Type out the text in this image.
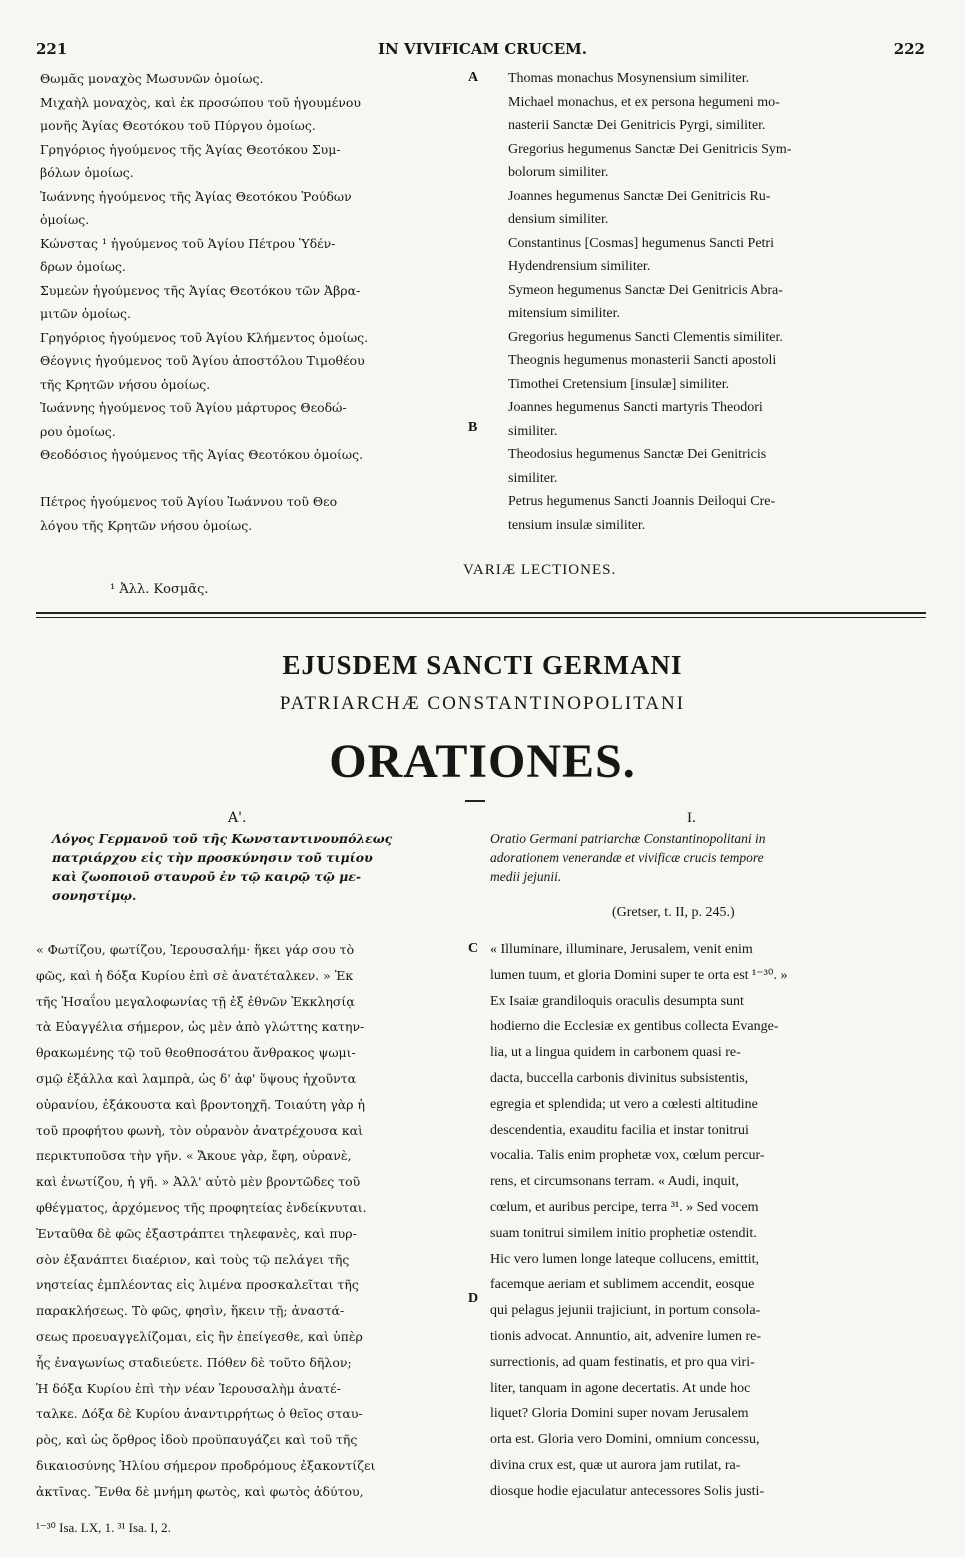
221	IN VIVIFICAM CRUCEM.	222
A
B
C
D
Θωμᾶς μοναχὸς Μωσυνῶν ὁμοίως.
Μιχαὴλ μοναχὸς, καὶ ἐκ προσώπου τοῦ ἡγουμένου
μονῆς Ἁγίας Θεοτόκου τοῦ Πύργου ὁμοίως.
Γρηγόριος ἡγούμενος τῆς Ἁγίας Θεοτόκου Συμ-
βόλων ὁμοίως.
Ἰωάννης ἡγούμενος τῆς Ἁγίας Θεοτόκου Ῥούδων
ὁμοίως.
Κώνστας ¹ ἡγούμενος τοῦ Ἁγίου Πέτρου Ὑδέν-
δρων ὁμοίως.
Συμεὼν ἡγούμενος τῆς Ἁγίας Θεοτόκου τῶν Ἀβρα-
μιτῶν ὁμοίως.
Γρηγόριος ἡγούμενος τοῦ Ἁγίου Κλήμεντος ὁμοίως.
Θέογνις ἡγούμενος τοῦ Ἁγίου ἀποστόλου Τιμοθέου
τῆς Κρητῶν νήσου ὁμοίως.
Ἰωάννης ἡγούμενος τοῦ Ἁγίου μάρτυρος Θεοδώ-
ρου ὁμοίως.
Θεοδόσιος ἡγούμενος τῆς Ἁγίας Θεοτόκου ὁμοίως.
Πέτρος ἡγούμενος τοῦ Ἁγίου Ἰωάννου τοῦ Θεο
λόγου τῆς Κρητῶν νήσου ὁμοίως.
Thomas monachus Mosynensium similiter.
Michael monachus, et ex persona hegumeni mo-
nasterii Sanctæ Dei Genitricis Pyrgi, similiter.
Gregorius hegumenus Sanctæ Dei Genitricis Sym-
bolorum similiter.
Joannes hegumenus Sanctæ Dei Genitricis Ru-
densium similiter.
Constantinus [Cosmas] hegumenus Sancti Petri
Hydendrensium similiter.
Symeon hegumenus Sanctæ Dei Genitricis Abra-
mitensium similiter.
Gregorius hegumenus Sancti Clementis similiter.
Theognis hegumenus monasterii Sancti apostoli
Timothei Cretensium [insulæ] similiter.
Joannes hegumenus Sancti martyris Theodori
similiter.
Theodosius hegumenus Sanctæ Dei Genitricis
similiter.
Petrus hegumenus Sancti Joannis Deiloqui Cre-
tensium insulæ similiter.
VARIÆ LECTIONES.
¹ Ἀλλ. Κοσμᾶς.
EJUSDEM SANCTI GERMANI
PATRIARCHÆ CONSTANTINOPOLITANI
ORATIONES.
Α'.	I.
Λόγος Γερμανοῦ τοῦ τῆς Κωνσταντινουπόλεως
πατριάρχου εἰς τὴν προσκύνησιν τοῦ τιμίου
καὶ ζωοποιοῦ σταυροῦ ἐν τῷ καιρῷ τῷ με-
σονηστίμῳ.
Oratio Germani patriarchæ Constantinopolitani in
adorationem venerandæ et vivificæ crucis tempore
medii jejunii.
(Gretser, t. II, p. 245.)
« Φωτίζου, φωτίζου, Ἱερουσαλήμ· ἥκει γάρ σου τὸ
φῶς, καὶ ἡ δόξα Κυρίου ἐπὶ σὲ ἀνατέταλκεν. » Ἐκ
τῆς Ἠσαΐου μεγαλοφωνίας τῇ ἐξ ἐθνῶν Ἐκκλησίᾳ
τὰ Εὐαγγέλια σήμερον, ὡς μὲν ἀπὸ γλώττης κατην-
θρακωμένης τῷ τοῦ θεοθποσάτου ἄνθρακος ψωμι-
σμῷ ἐξάλλα καὶ λαμπρὰ, ὡς δ' ἀφ' ὕψους ἠχοῦντα
οὐρανίου, ἐξάκουστα καὶ βροντοηχῆ. Τοιαύτη γὰρ ἡ
τοῦ προφήτου φωνὴ, τὸν οὐρανὸν ἀνατρέχουσα καὶ
περικτυποῦσα τὴν γῆν. « Ἄκουε γὰρ, ἔφη, οὐρανὲ,
καὶ ἐνωτίζου, ἡ γῆ. » Ἀλλ' αὐτὸ μὲν βροντῶδες τοῦ
φθέγματος, ἀρχόμενος τῆς προφητείας ἐνδείκνυται.
Ἐνταῦθα δὲ φῶς ἐξαστράπτει τηλεφανὲς, καὶ πυρ-
σὸν ἐξανάπτει διαέριον, καὶ τοὺς τῷ πελάγει τῆς
νηστείας ἐμπλέοντας εἰς λιμένα προσκαλεῖται τῆς
παρακλήσεως. Τὸ φῶς, φησὶν, ἥκειν τῇ; ἀναστά-
σεως προευαγγελίζομαι, εἰς ἣν ἐπείγεσθε, καὶ ὑπὲρ
ἧς ἐναγωνίως σταδιεύετε. Πόθεν δὲ τοῦτο δῆλον;
Ἡ δόξα Κυρίου ἐπὶ τὴν νέαν Ἱερουσαλὴμ ἀνατέ-
ταλκε. Δόξα δὲ Κυρίου ἀναντιρρήτως ὁ θεῖος σταυ-
ρὸς, καὶ ὡς ὄρθρος ἰδοὺ προϋπαυγάζει καὶ τοῦ τῆς
δικαιοσύνης Ἡλίου σήμερον προδρόμους ἐξακοντίζει
ἀκτῖνας. Ἔνθα δὲ μνήμη φωτὸς, καὶ φωτὸς ἀδύτου,
« Illuminare, illuminare, Jerusalem, venit enim
lumen tuum, et gloria Domini super te orta est ¹⁻³⁰. »
Ex Isaiæ grandiloquis oraculis desumpta sunt
hodierno die Ecclesiæ ex gentibus collecta Evange-
lia, ut a lingua quidem in carbonem quasi re-
dacta, buccella carbonis divinitus subsistentis,
egregia et splendida; ut vero a cœlesti altitudine
descendentia, exauditu facilia et instar tonitrui
vocalia. Talis enim prophetæ vox, cœlum percur-
rens, et circumsonans terram. « Audi, inquit,
cœlum, et auribus percipe, terra ³¹. » Sed vocem
suam tonitrui similem initio prophetiæ ostendit.
Hic vero lumen longe lateque collucens, emittit,
facemque aeriam et sublimem accendit, eosque
qui pelagus jejunii trajiciunt, in portum consola-
tionis advocat. Annuntio, ait, advenire lumen re-
surrectionis, ad quam festinatis, et pro qua viri-
liter, tanquam in agone decertatis. At unde hoc
liquet? Gloria Domini super novam Jerusalem
orta est. Gloria vero Domini, omnium concessu,
divina crux est, quæ ut aurora jam rutilat, ra-
diosque hodie ejaculatur antecessores Solis justi-
¹⁻³⁰ Isa. LX, 1. ³¹ Isa. I, 2.
